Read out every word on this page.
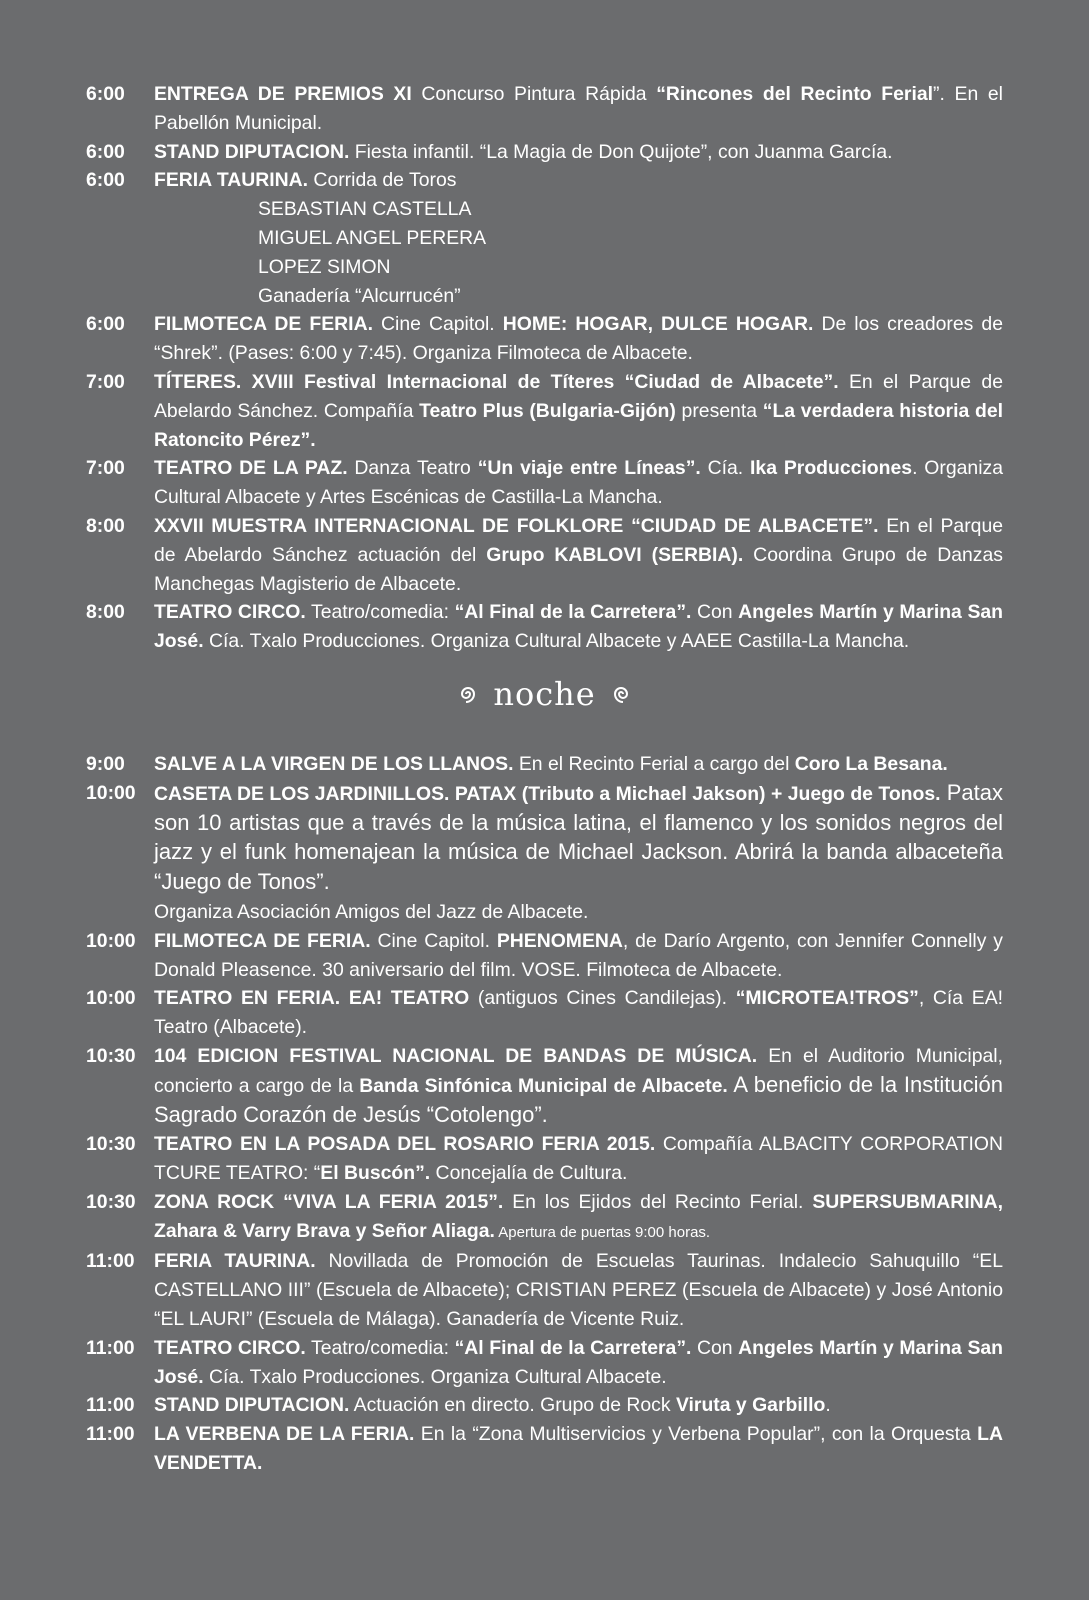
6:00	ENTREGA DE PREMIOS XI Concurso Pintura Rápida “Rincones del Recinto Ferial”. En el Pabellón Municipal.

6:00	STAND DIPUTACION. Fiesta infantil. “La Magia de Don Quijote”, con Juanma García.

6:00	FERIA TAURINA. Corrida de Toros

SEBASTIAN CASTELLA

MIGUEL ANGEL PERERA

LOPEZ SIMON

Ganadería “Alcurrucén”

6:00	FILMOTECA DE FERIA. Cine Capitol. HOME: HOGAR, DULCE HOGAR. De los creadores de “Shrek”. (Pases: 6:00 y 7:45). Organiza Filmoteca de Albacete.

7:00	TÍTERES. XVIII Festival Internacional de Títeres “Ciudad de Albacete”. En el Parque de Abelardo Sánchez. Compañía Teatro Plus (Bulgaria-Gijón) presenta “La verdadera historia del Ratoncito Pérez”.

7:00	TEATRO DE LA PAZ. Danza Teatro “Un viaje entre Líneas”. Cía. Ika Producciones. Organiza Cultural Albacete y Artes Escénicas de Castilla-La Mancha.

8:00	XXVII MUESTRA INTERNACIONAL DE FOLKLORE “CIUDAD DE ALBACETE”. En el Parque de Abelardo Sánchez actuación del Grupo KABLOVI (SERBIA). Coordina Grupo de Danzas Manchegas Magisterio de Albacete.

8:00	TEATRO CIRCO. Teatro/comedia: “Al Final de la Carretera”. Con Angeles Martín y Marina San José. Cía. Txalo Producciones. Organiza Cultural Albacete y AAEE Castilla-La Mancha.

noche
9:00	SALVE A LA VIRGEN DE LOS LLANOS. En el Recinto Ferial a cargo del Coro La Besana.

10:00 CASETA DE LOS JARDINILLOS. PATAX (Tributo a Michael Jakson) + Juego de Tonos. Patax son 10 artistas que a través de la música latina, el flamenco y los sonidos negros del jazz y el funk homenajean la música de Michael Jackson. Abrirá la banda albaceteña “Juego de Tonos”.

Organiza Asociación Amigos del Jazz de Albacete.

10:00 FILMOTECA DE FERIA. Cine Capitol. PHENOMENA, de Darío Argento, con Jennifer Connelly y Donald Pleasence. 30 aniversario del film. VOSE. Filmoteca de Albacete.

10:00 TEATRO EN FERIA. EA! TEATRO (antiguos Cines Candilejas). “MICROTEA!TROS”, Cía EA! Teatro (Albacete).

10:30 104 EDICION FESTIVAL NACIONAL DE BANDAS DE MÚSICA. En el Auditorio Municipal, concierto a cargo de la Banda Sinfónica Municipal de Albacete. A beneficio de la Institución Sagrado Corazón de Jesús “Cotolengo”.

10:30 TEATRO EN LA POSADA DEL ROSARIO FERIA 2015. Compañía ALBACITY CORPORATION TCURE TEATRO: “El Buscón”. Concejalía de Cultura.

10:30 ZONA ROCK “VIVA LA FERIA 2015”. En los Ejidos del Recinto Ferial. SUPERSUBMARINA, Zahara & Varry Brava y Señor Aliaga. Apertura de puertas 9:00 horas.

11:00	FERIA TAURINA. Novillada de Promoción de Escuelas Taurinas. Indalecio Sahuquillo “EL CASTELLANO III” (Escuela de Albacete); CRISTIAN PEREZ (Escuela de Albacete) y José Antonio “EL LAURI” (Escuela de Málaga). Ganadería de Vicente Ruiz.

11:00	TEATRO CIRCO. Teatro/comedia: “Al Final de la Carretera”. Con Angeles Martín y Marina San José. Cía. Txalo Producciones. Organiza Cultural Albacete.

11:00	STAND DIPUTACION. Actuación en directo. Grupo de Rock Viruta y Garbillo.

11:00	LA VERBENA DE LA FERIA. En la “Zona Multiservicios y Verbena Popular”, con la Orquesta LA VENDETTA.
